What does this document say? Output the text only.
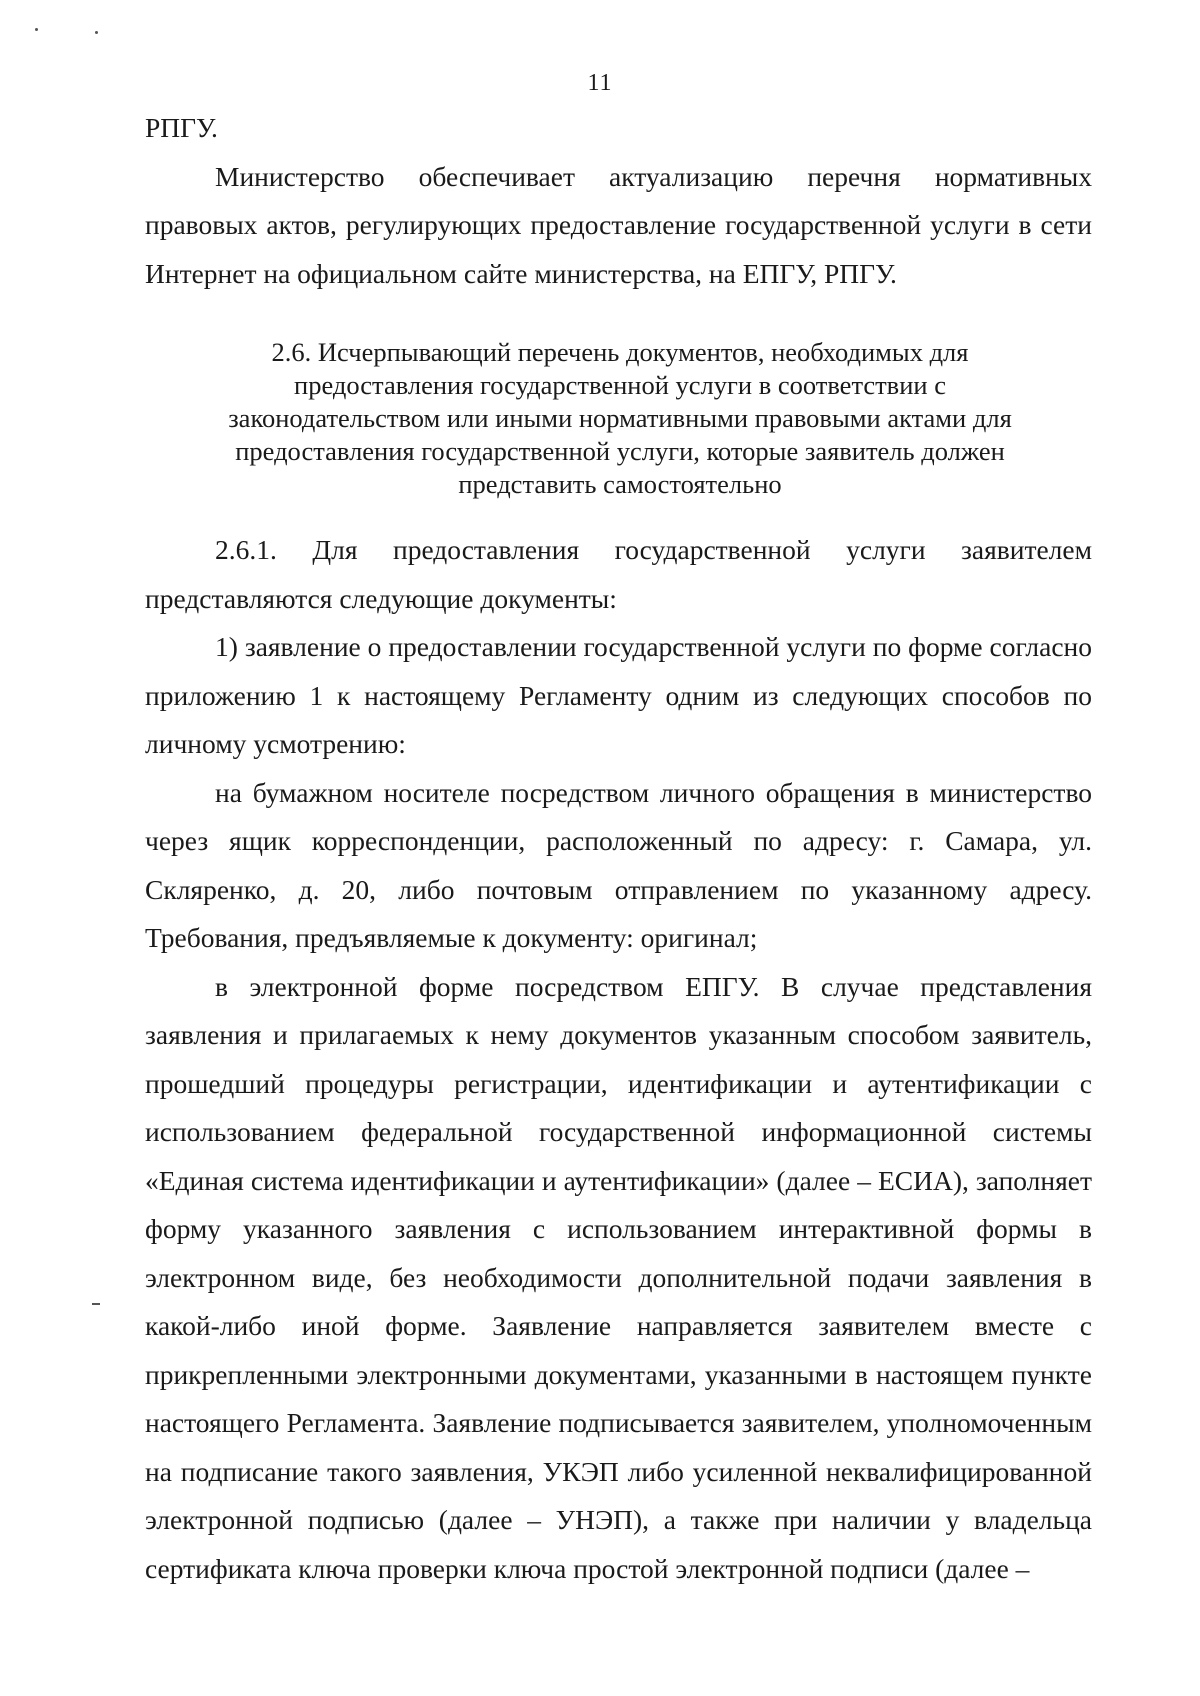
11

РПГУ.

Министерство обеспечивает актуализацию перечня нормативных правовых актов, регулирующих предоставление государственной услуги в сети Интернет на официальном сайте министерства, на ЕПГУ, РПГУ.

2.6. Исчерпывающий перечень документов, необходимых для
предоставления государственной услуги в соответствии с
законодательством или иными нормативными правовыми актами для
предоставления государственной услуги, которые заявитель должен
представить самостоятельно

2.6.1. Для предоставления государственной услуги заявителем представляются следующие документы:

1) заявление о предоставлении государственной услуги по форме согласно приложению 1 к настоящему Регламенту одним из следующих способов по личному усмотрению:

на бумажном носителе посредством личного обращения в министерство через ящик корреспонденции, расположенный по адресу: г. Самара, ул. Скляренко, д. 20, либо почтовым отправлением по указанному адресу. Требования, предъявляемые к документу: оригинал;

в электронной форме посредством ЕПГУ. В случае представления заявления и прилагаемых к нему документов указанным способом заявитель, прошедший процедуры регистрации, идентификации и аутентификации с использованием федеральной государственной информационной системы «Единая система идентификации и аутентификации» (далее – ЕСИА), заполняет форму указанного заявления с использованием интерактивной формы в электронном виде, без необходимости дополнительной подачи заявления в какой-либо иной форме. Заявление направляется заявителем вместе с прикрепленными электронными документами, указанными в настоящем пункте настоящего Регламента. Заявление подписывается заявителем, уполномоченным на подписание такого заявления, УКЭП либо усиленной неквалифицированной электронной подписью (далее – УНЭП), а также при наличии у владельца сертификата ключа проверки ключа простой электронной подписи (далее –
